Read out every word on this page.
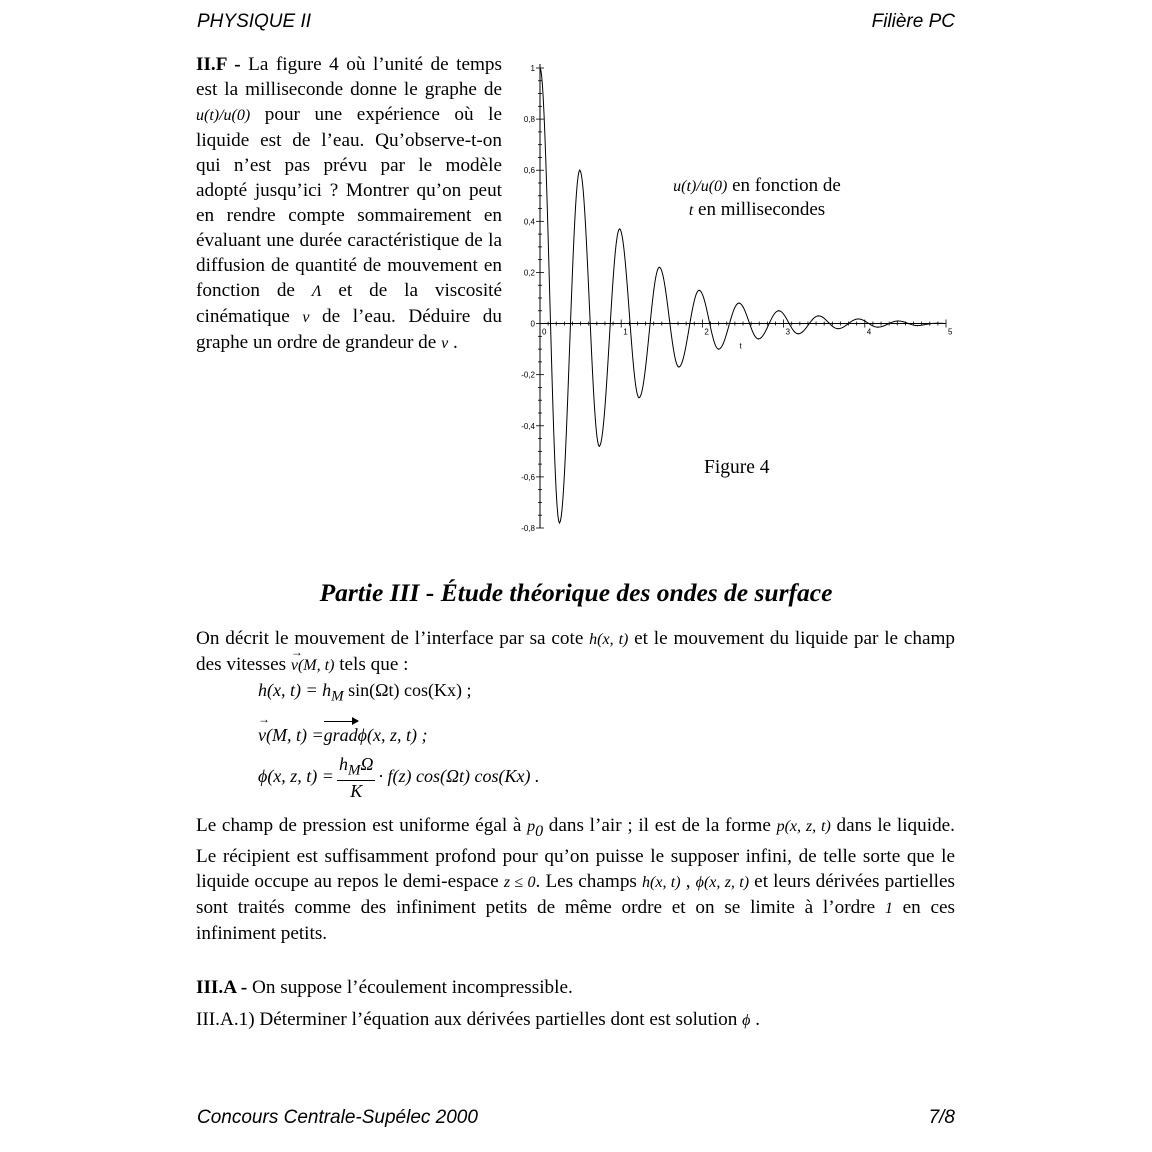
PHYSIQUE II	Filière PC
II.F - La figure 4 où l’unité de temps est la milliseconde donne le graphe de u(t)/u(0) pour une expérience où le liquide est de l’eau. Qu’observe-t-on qui n’est pas prévu par le modèle adopté jusqu’ici ? Montrer qu’on peut en rendre compte sommairement en évaluant une durée caractéristique de la diffusion de quantité de mouvement en fonction de Λ et de la viscosité cinématique ν de l’eau. Déduire du graphe un ordre de grandeur de ν .
1
0,8
0,6
0,4
0,2
0
-0,2
-0,4
-0,6
-0,8
0	1	2	3	4	5
t
u(t)/u(0) en fonction de
t en millisecondes
Figure 4
Partie III - Étude théorique des ondes de surface
On décrit le mouvement de l’interface par sa cote h(x, t) et le mouvement du liquide par le champ des vitesses v(M, t) → tels que :
h(x, $t) = h_M$ sin(Ωt) cos(Kx) ;
v(M, t) = →gradϕ(x, z, t) ;
ϕ(x, z, $t) = \frac{h_M\Omega}{K} \cdot f(z)$ cos(Ωt) cos(Kx) .
Le champ de pression est uniforme égal à $p_0$ dans l’air ; il est de la forme p(x, z, t) dans le liquide. Le récipient est suffisamment profond pour qu’on puisse le supposer infini, de telle sorte que le liquide occupe au repos le demi-espace z ≤ 0. Les champs h(x, t) , ϕ(x, z, t) et leurs dérivées partielles sont traités comme des infiniment petits de même ordre et on se limite à l’ordre 1 en ces infiniment petits.
III.A - On suppose l’écoulement incompressible.
III.A.1) Déterminer l’équation aux dérivées partielles dont est solution ϕ .
Concours Centrale-Supélec 2000	7/8
